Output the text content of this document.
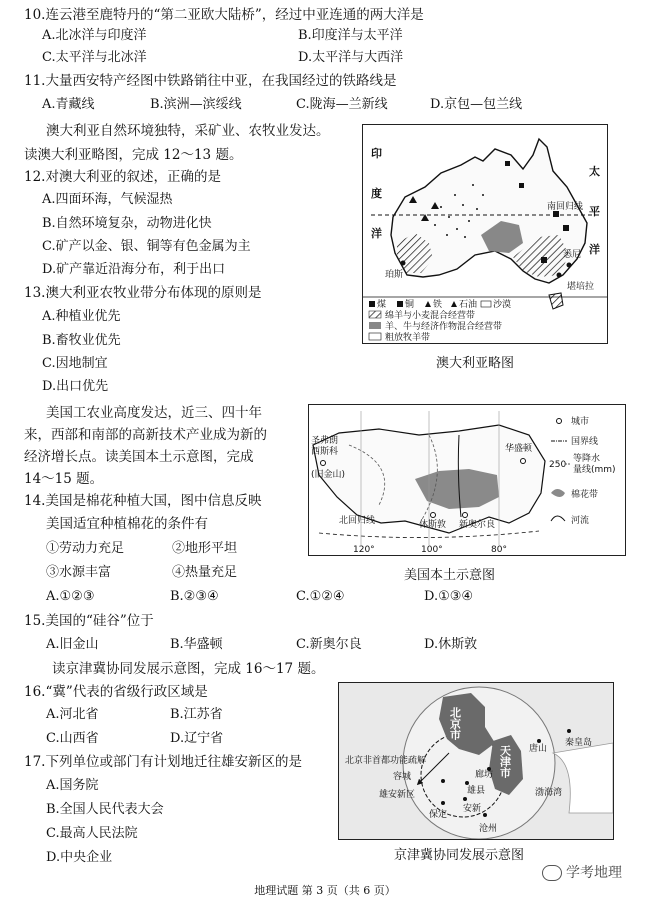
10.连云港至鹿特丹的“第二亚欧大陆桥”，经过中亚连通的两大洋是
A.北冰洋与印度洋	B.印度洋与太平洋
C.太平洋与北冰洋	D.太平洋与大西洋
11.大量西安特产经图中铁路销往中亚，在我国经过的铁路线是
A.青藏线	B.滨洲—滨绥线	C.陇海—兰新线	D.京包—包兰线
澳大利亚自然环境独特，采矿业、农牧业发达。
读澳大利亚略图，完成 12～13 题。
12.对澳大利亚的叙述，正确的是
A.四面环海，气候湿热
B.自然环境复杂，动物进化快
C.矿产以金、银、铜等有色金属为主
D.矿产靠近沿海分布，利于出口
13.澳大利亚农牧业带分布体现的原则是
A.种植业优先
B.畜牧业优先
C.因地制宜
D.出口优先
印
度
洋
太
平
洋
南回归线
珀斯
悉尼
堪培拉
煤 铜 铁 石油 沙漠
绵羊与小麦混合经营带
羊、牛与经济作物混合经营带
粗放牧羊带
澳大利亚略图
美国工农业高度发达，近三、四十年
来，西部和南部的高新技术产业成为新的
经济增长点。读美国本土示意图，完成
14～15 题。
14.美国是棉花种植大国，图中信息反映
美国适宜种植棉花的条件有
①劳动力充足	②地形平坦
③水源丰富	④热量充足
A.①②③	B.②③④	C.①②④	D.①③④
15.美国的“硅谷”位于
A.旧金山	B.华盛顿	C.新奥尔良	D.休斯敦
圣弗朗
西斯科
(旧金山)
华盛顿
休斯敦 新奥尔良
北回归线
120°	100°	80°
城市
国界线
250
等降水
量线(mm)
棉花带
河流
美国本土示意图
读京津冀协同发展示意图，完成 16～17 题。
16.“冀”代表的省级行政区域是
A.河北省	B.江苏省
C.山西省	D.辽宁省
17.下列单位或部门有计划地迁往雄安新区的是
A.国务院
B.全国人民代表大会
C.最高人民法院
D.中央企业
北京市
天津市 唐山
秦皇岛
北京非首都功能疏解
廊坊
雄县
容城
雄安新区
保定
安新
沧州
渤海湾
京津冀协同发展示意图
学考地理
地理试题 第 3 页（共 6 页）
